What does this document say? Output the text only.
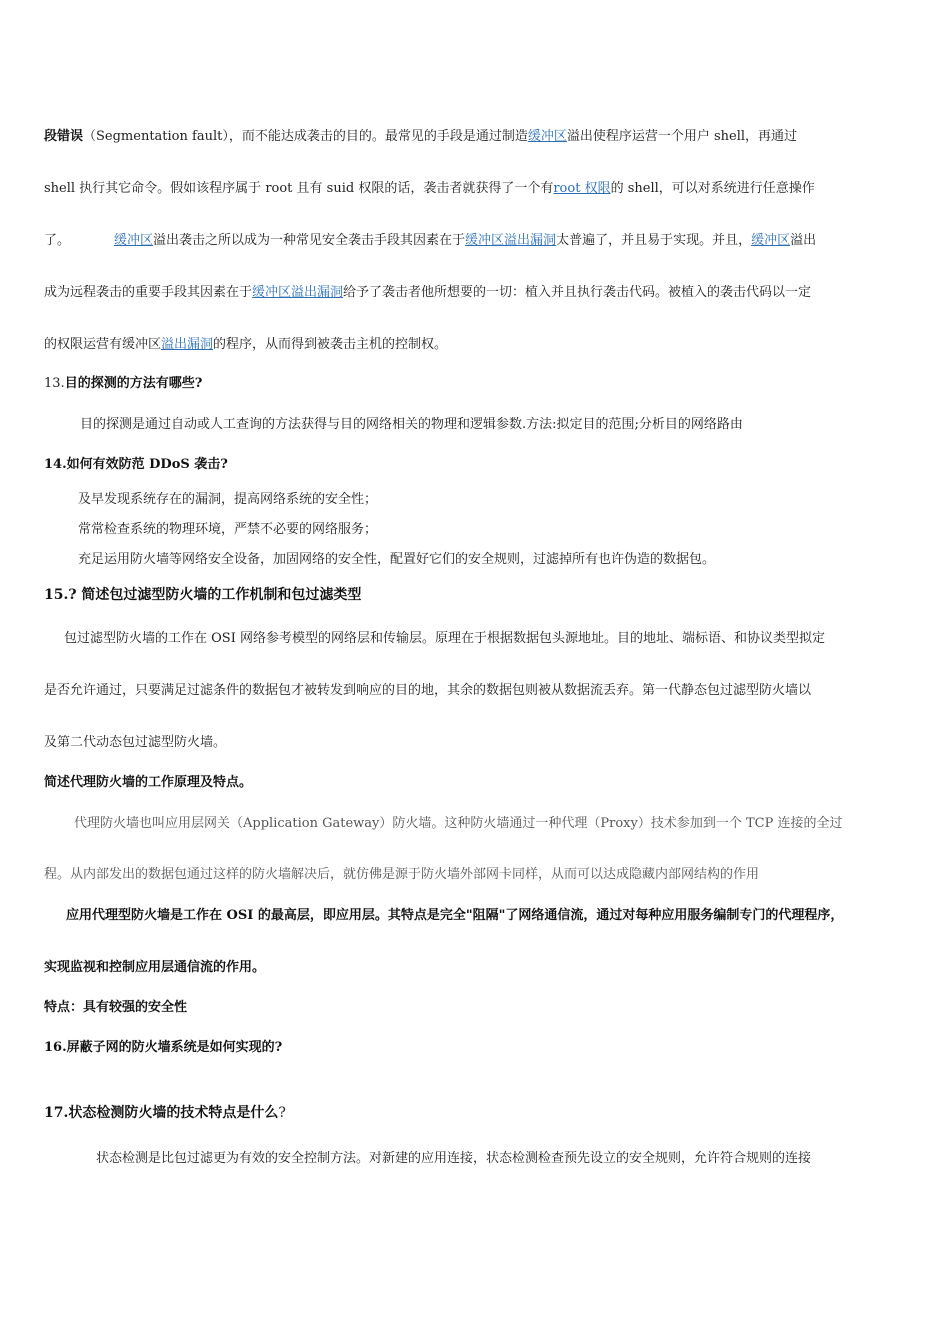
段错误（Segmentation fault），而不能达成袭击的目的。最常见的手段是通过制造缓冲区溢出使程序运营一个用户 shell，再通过
shell 执行其它命令。假如该程序属于 root 且有 suid 权限的话，袭击者就获得了一个有root 权限的 shell，可以对系统进行任意操作
了。	缓冲区溢出袭击之所以成为一种常见安全袭击手段其因素在于缓冲区溢出漏洞太普遍了，并且易于实现。并且，缓冲区溢出
成为远程袭击的重要手段其因素在于缓冲区溢出漏洞给予了袭击者他所想要的一切：植入并且执行袭击代码。被植入的袭击代码以一定
的权限运营有缓冲区溢出漏洞的程序，从而得到被袭击主机的控制权。
13.目的探测的方法有哪些?
目的探测是通过自动或人工查询的方法获得与目的网络相关的物理和逻辑参数.方法:拟定目的范围;分析目的网络路由
14.如何有效防范 DDoS 袭击?
及早发现系统存在的漏洞，提高网络系统的安全性；
常常检查系统的物理环境，严禁不必要的网络服务；
充足运用防火墙等网络安全设备，加固网络的安全性，配置好它们的安全规则，过滤掉所有也许伪造的数据包。
15.? 简述包过滤型防火墙的工作机制和包过滤类型
包过滤型防火墙的工作在 OSI 网络参考模型的网络层和传输层。原理在于根据数据包头源地址。目的地址、端标语、和协议类型拟定
是否允许通过，只要满足过滤条件的数据包才被转发到响应的目的地，其余的数据包则被从数据流丢弃。第一代静态包过滤型防火墙以
及第二代动态包过滤型防火墙。
简述代理防火墙的工作原理及特点。
代理防火墙也叫应用层网关（Application Gateway）防火墙。这种防火墙通过一种代理（Proxy）技术参加到一个 TCP 连接的全过
程。从内部发出的数据包通过这样的防火墙解决后，就仿佛是源于防火墙外部网卡同样，从而可以达成隐藏内部网结构的作用
应用代理型防火墙是工作在 OSI 的最高层，即应用层。其特点是完全"阻隔"了网络通信流，通过对每种应用服务编制专门的代理程序，
实现监视和控制应用层通信流的作用。
特点：具有较强的安全性
16.屏蔽子网的防火墙系统是如何实现的?
17.状态检测防火墙的技术特点是什么?
状态检测是比包过滤更为有效的安全控制方法。对新建的应用连接，状态检测检查预先设立的安全规则，允许符合规则的连接
